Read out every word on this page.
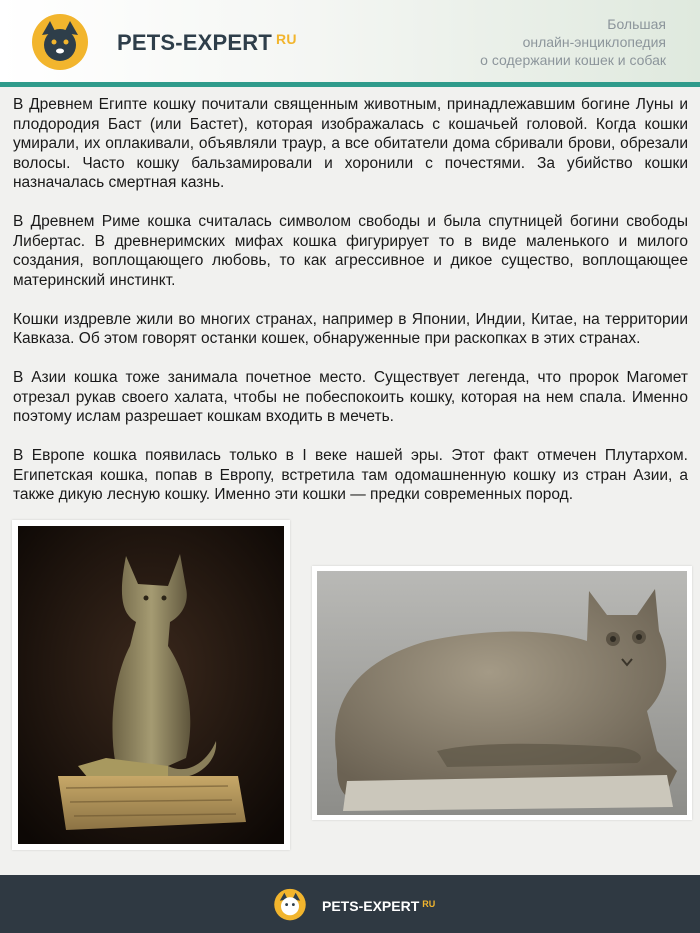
PETS-EXPERT $^{RU}$
Большая
онлайн-энциклопедия
о содержании кошек и собак

В Древнем Египте кошку почитали священным животным, принадлежавшим богине Луны и плодородия Баст (или Бастет), которая изображалась с кошачьей головой. Когда кошки умирали, их оплакивали, объявляли траур, а все обитатели дома сбривали брови, обрезали волосы. Часто кошку бальзамировали и хоронили с почестями. За убийство кошки назначалась смертная казнь.

В Древнем Риме кошка считалась символом свободы и была спутницей богини свободы Либертас. В древнеримских мифах кошка фигурирует то в виде маленького и милого создания, воплощающего любовь, то как агрессивное и дикое существо, воплощающее материнский инстинкт.

Кошки издревле жили во многих странах, например в Японии, Индии, Китае, на территории Кавказа. Об этом говорят останки кошек, обнаруженные при раскопках в этих странах.

В Азии кошка тоже занимала почетное место. Существует легенда, что пророк Магомет отрезал рукав своего халата, чтобы не побеспокоить кошку, которая на нем спала. Именно поэтому ислам разрешает кошкам входить в мечеть.

В Европе кошка появилась только в I веке нашей эры. Этот факт отмечен Плутархом. Египетская кошка, попав в Европу, встретила там одомашненную кошку из стран Азии, а также дикую лесную кошку. Именно эти кошки — предки современных пород.

PETS-EXPERT $^{RU}$
